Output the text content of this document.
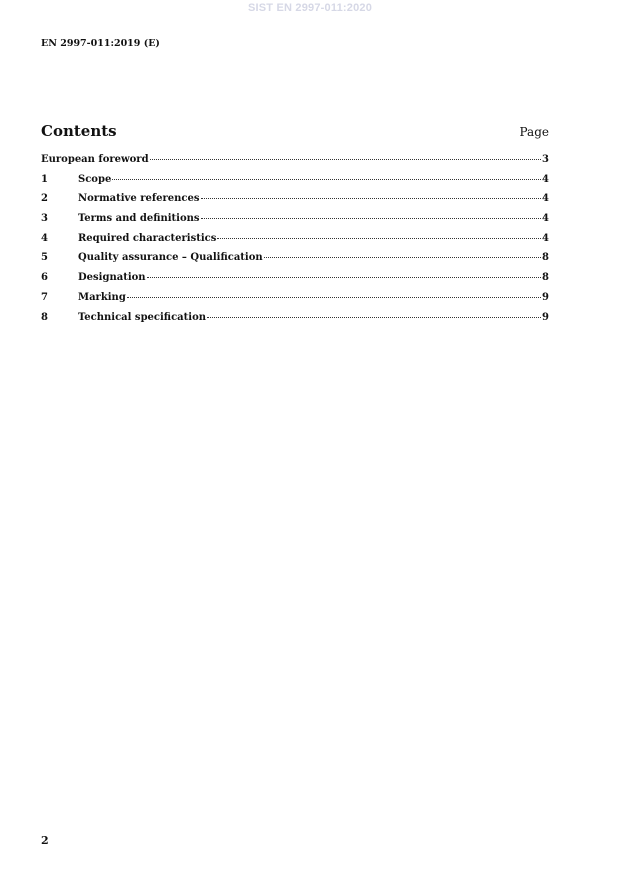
SIST EN 2997-011:2020
EN 2997-011:2019 (E)
Contents	Page
European foreword	3
1	Scope	4
2	Normative references	4
3	Terms and definitions	4
4	Required characteristics	4
5	Quality assurance – Qualification	8
6	Designation	8
7	Marking	9
8	Technical specification	9
2
